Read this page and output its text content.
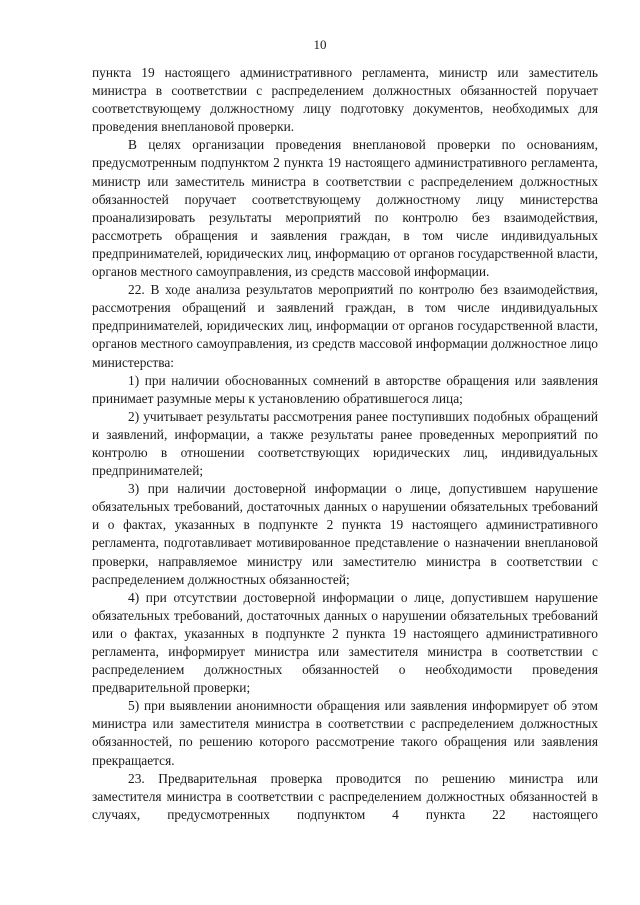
10

пункта 19 настоящего административного регламента, министр или заместитель министра в соответствии с распределением должностных обязанностей поручает соответствующему должностному лицу подготовку документов, необходимых для проведения внеплановой проверки.

В целях организации проведения внеплановой проверки по основаниям, предусмотренным подпунктом 2 пункта 19 настоящего административного регламента, министр или заместитель министра в соответствии с распределением должностных обязанностей поручает соответствующему должностному лицу министерства проанализировать результаты мероприятий по контролю без взаимодействия, рассмотреть обращения и заявления граждан, в том числе индивидуальных предпринимателей, юридических лиц, информацию от органов государственной власти, органов местного самоуправления, из средств массовой информации.

22. В ходе анализа результатов мероприятий по контролю без взаимодействия, рассмотрения обращений и заявлений граждан, в том числе индивидуальных предпринимателей, юридических лиц, информации от органов государственной власти, органов местного самоуправления, из средств массовой информации должностное лицо министерства:

1) при наличии обоснованных сомнений в авторстве обращения или заявления принимает разумные меры к установлению обратившегося лица;

2) учитывает результаты рассмотрения ранее поступивших подобных обращений и заявлений, информации, а также результаты ранее проведенных мероприятий по контролю в отношении соответствующих юридических лиц, индивидуальных предпринимателей;

3) при наличии достоверной информации о лице, допустившем нарушение обязательных требований, достаточных данных о нарушении обязательных требований и о фактах, указанных в подпункте 2 пункта 19 настоящего административного регламента, подготавливает мотивированное представление о назначении внеплановой проверки, направляемое министру или заместителю министра в соответствии с распределением должностных обязанностей;

4) при отсутствии достоверной информации о лице, допустившем нарушение обязательных требований, достаточных данных о нарушении обязательных требований или о фактах, указанных в подпункте 2 пункта 19 настоящего административного регламента, информирует министра или заместителя министра в соответствии с распределением должностных обязанностей о необходимости проведения предварительной проверки;

5) при выявлении анонимности обращения или заявления информирует об этом министра или заместителя министра в соответствии с распределением должностных обязанностей, по решению которого рассмотрение такого обращения или заявления прекращается.

23. Предварительная проверка проводится по решению министра или заместителя министра в соответствии с распределением должностных обязанностей в случаях, предусмотренных подпунктом 4 пункта 22 настоящего
